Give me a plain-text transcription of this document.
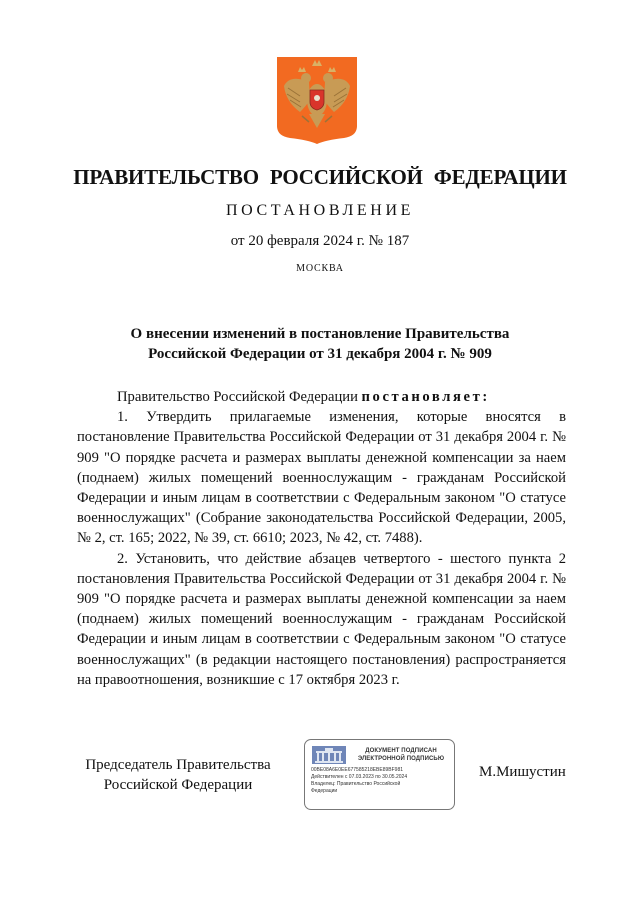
ПРАВИТЕЛЬСТВО РОССИЙСКОЙ ФЕДЕРАЦИИ
ПОСТАНОВЛЕНИЕ
от 20 февраля 2024 г. № 187
МОСКВА
О внесении изменений в постановление Правительства
Российской Федерации от 31 декабря 2004 г. № 909

Правительство Российской Федерации постановляет:

1. Утвердить прилагаемые изменения, которые вносятся в постановление Правительства Российской Федерации от 31 декабря 2004 г. № 909 "О порядке расчета и размерах выплаты денежной компенсации за наем (поднаем) жилых помещений военнослужащим - гражданам Российской Федерации и иным лицам в соответствии с Федеральным законом "О статусе военнослужащих" (Собрание законодательства Российской Федерации, 2005, № 2, ст. 165; 2022, № 39, ст. 6610; 2023, № 42, ст. 7488).

2. Установить, что действие абзацев четвертого - шестого пункта 2 постановления Правительства Российской Федерации от 31 декабря 2004 г. № 909 "О порядке расчета и размерах выплаты денежной компенсации за наем (поднаем) жилых помещений военнослужащим - гражданам Российской Федерации и иным лицам в соответствии с Федеральным законом "О статусе военнослужащих" (в редакции настоящего постановления) распространяется на правоотношения, возникшие с 17 октября 2023 г.

Председатель Правительства
Российской Федерации
ДОКУМЕНТ ПОДПИСАН
ЭЛЕКТРОННОЙ ПОДПИСЬЮ
00BE08A6E0EE677585218EBE89BF981
Действителен с 07.03.2023 по 30.05.2024
Владелец: Правительство Российской
Федерации
М.Мишустин
